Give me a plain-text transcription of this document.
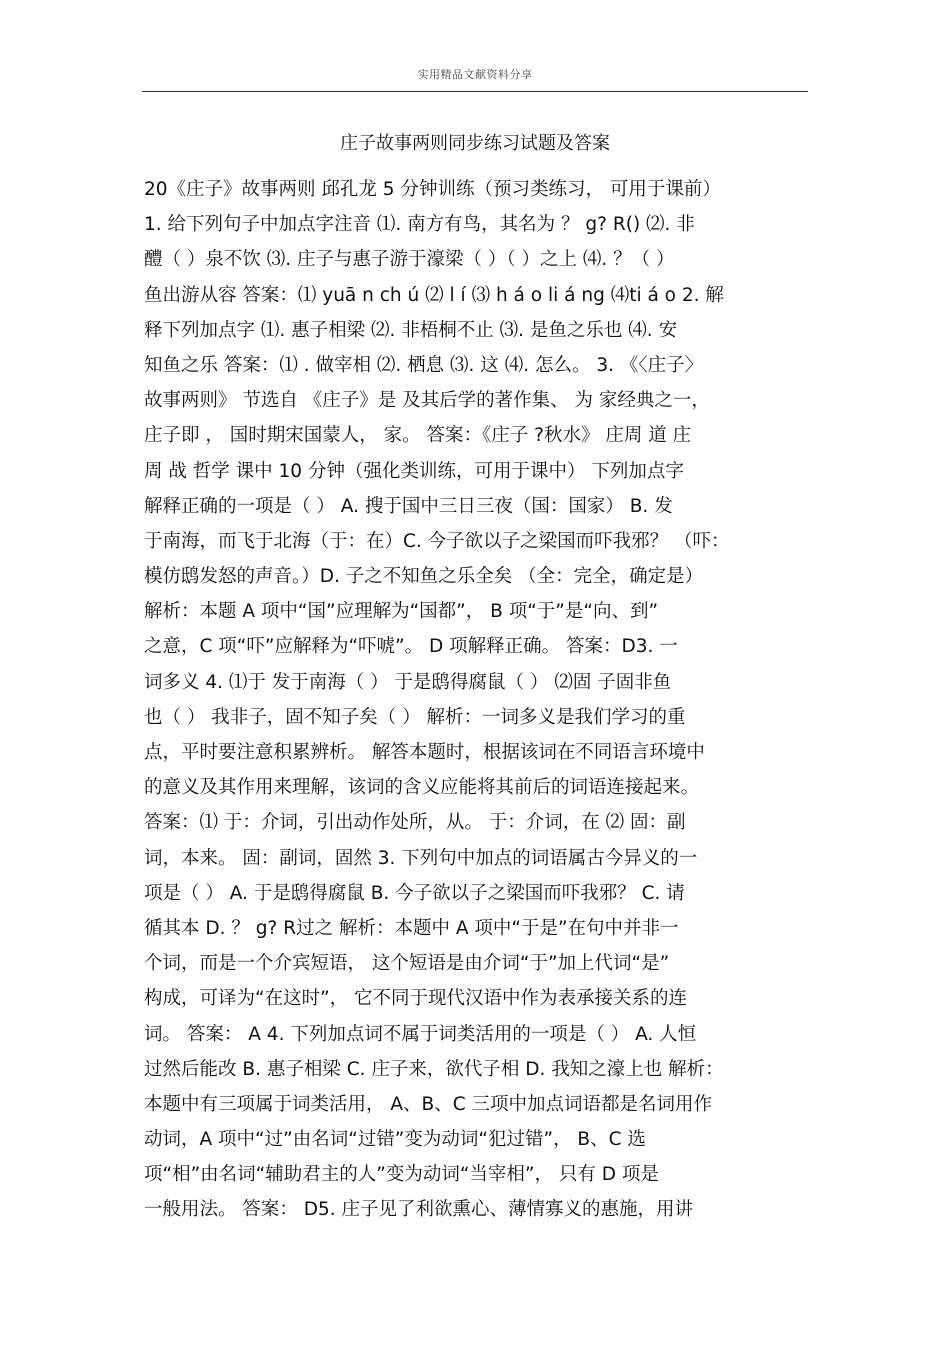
实用精品文献资料分享
庄子故事两则同步练习试题及答案
20《庄子》故事两则 邱孔龙 5 分钟训练（预习类练习， 可用于课前）
1. 给下列句子中加点字注音 ⑴. 南方有鸟，其名为 ？ g? R() ⑵. 非
醴（ ）泉不饮 ⑶. 庄子与惠子游于濠梁（ ）（ ）之上 ⑷. ？（ ）
鱼出游从容 答案：⑴ yuā n ch ú ⑵ l í ⑶ h á o li á ng ⑷ti á o 2. 解
释下列加点字 ⑴. 惠子相梁 ⑵. 非梧桐不止 ⑶. 是鱼之乐也 ⑷. 安
知鱼之乐 答案：⑴ . 做宰相 ⑵. 栖息 ⑶. 这 ⑷. 怎么。 3. 《〈庄子〉
故事两则》 节选自 《庄子》是 及其后学的著作集、 为 家经典之一，
庄子即 ， 国时期宋国蒙人， 家。 答案：《庄子 ?秋水》 庄周 道 庄
周 战 哲学 课中 10 分钟（强化类训练，可用于课中） 下列加点字
解释正确的一项是（ ） A. 搜于国中三日三夜（国：国家） B. 发
于南海，而飞于北海（于：在）C. 今子欲以子之梁国而吓我邪？ （吓：
模仿鸱发怒的声音。）D. 子之不知鱼之乐全矣 （全：完全，确定是）
解析：本题 A 项中“国”应理解为“国都”， B 项“于”是“向、到”
之意，C 项“吓”应解释为“吓唬”。 D 项解释正确。 答案：D3. 一
词多义 4. ⑴于 发于南海（ ） 于是鸱得腐鼠（ ） ⑵固 子固非鱼
也（ ） 我非子，固不知子矣（ ） 解析：一词多义是我们学习的重
点，平时要注意积累辨析。 解答本题时，根据该词在不同语言环境中
的意义及其作用来理解，该词的含义应能将其前后的词语连接起来。
答案：⑴ 于：介词，引出动作处所，从。 于：介词，在 ⑵ 固：副
词，本来。 固：副词，固然 3. 下列句中加点的词语属古今异义的一
项是（ ） A. 于是鸱得腐鼠 B. 今子欲以子之梁国而吓我邪？ C. 请
循其本 D. ？ g? R过之 解析：本题中 A 项中“于是”在句中并非一
个词，而是一个介宾短语， 这个短语是由介词“于”加上代词“是”
构成，可译为“在这时”， 它不同于现代汉语中作为表承接关系的连
词。 答案： A 4. 下列加点词不属于词类活用的一项是（ ） A. 人恒
过然后能改 B. 惠子相梁 C. 庄子来，欲代子相 D. 我知之濠上也 解析：
本题中有三项属于词类活用， A、B、C 三项中加点词语都是名词用作
动词，A 项中“过”由名词“过错”变为动词“犯过错”， B、C 选
项“相”由名词“辅助君主的人”变为动词“当宰相”， 只有 D 项是
一般用法。 答案： D5. 庄子见了利欲熏心、薄情寡义的惠施，用讲
